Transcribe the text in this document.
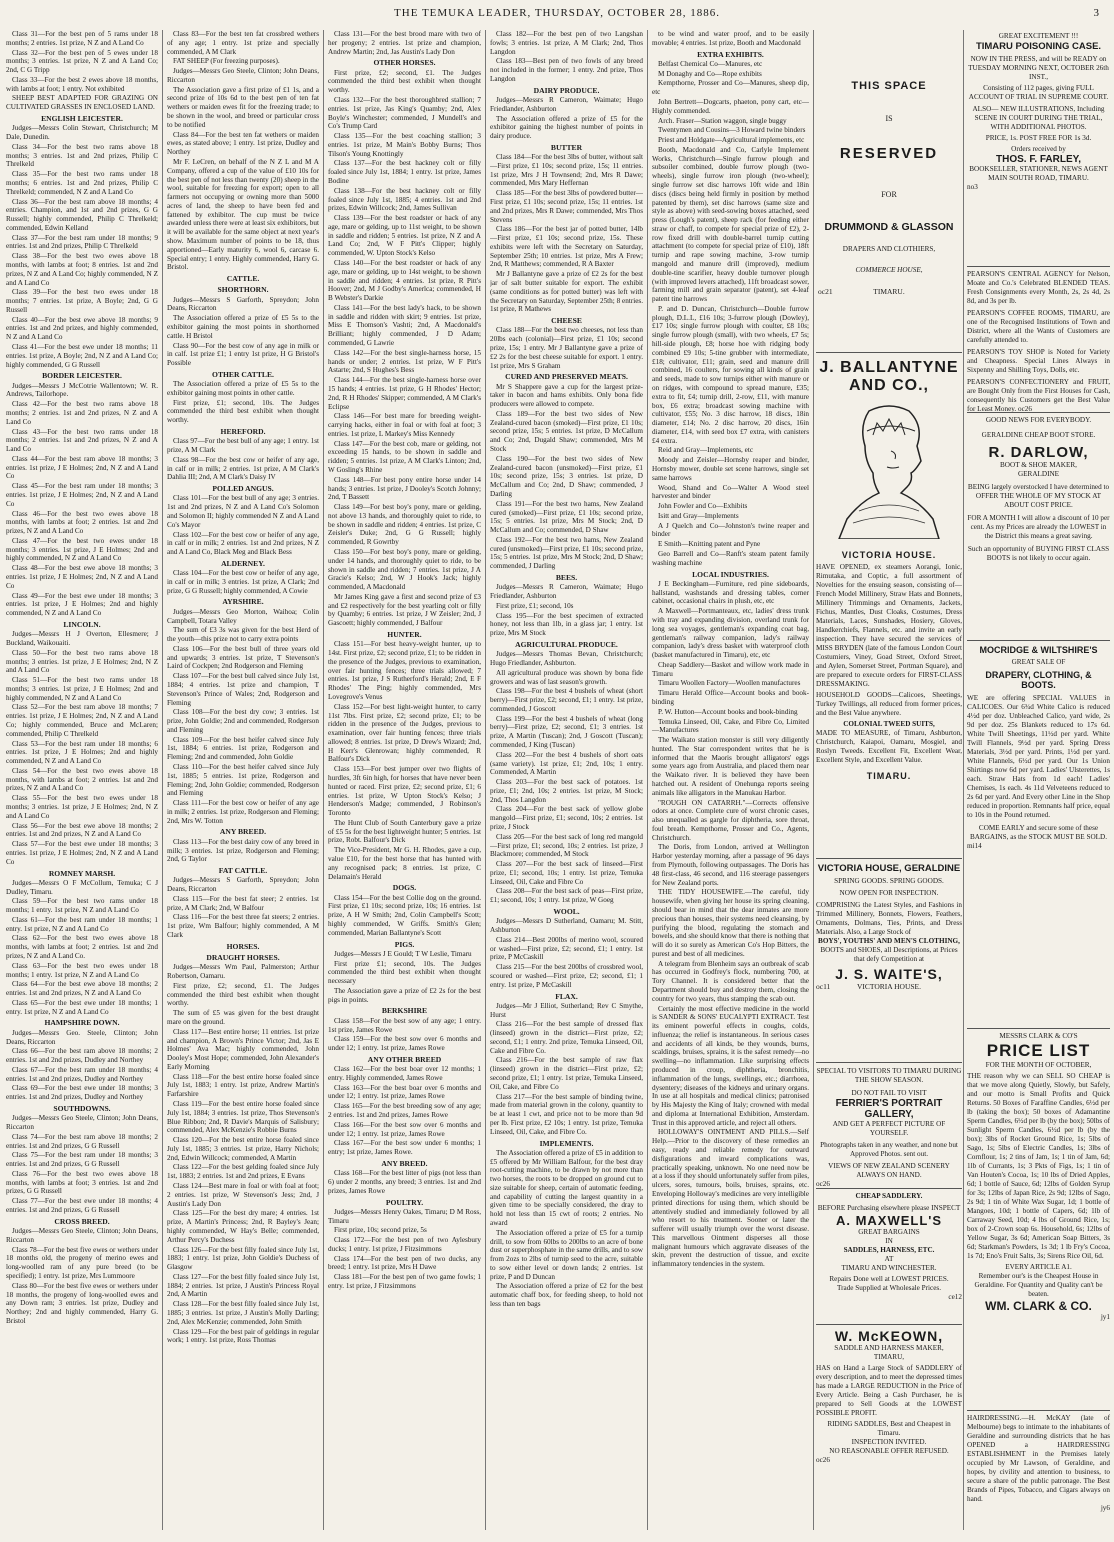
THE TEMUKA LEADER, THURSDAY, OCTOBER 28, 1886.	3

Class 31—For the best pen of 5 rams under 18 months; 2 entries. 1st prize, N Z and A Land Co

Class 32—For the best pen of 5 ewes under 18 months; 3 entries. 1st prize, N Z and A Land Co; 2nd, C G Tripp

Class 33—For the best 2 ewes above 18 months, with lambs at foot; 1 entry. Not exhibited

SHEEP BEST ADAPTED FOR GRAZING ON CULTIVATED GRASSES IN ENCLOSED LAND.

ENGLISH LEICESTER.

Judges—Messrs Colin Stewart, Christchurch; M Dale, Dunedin.

Class 34—For the best two rams above 18 months; 3 entries. 1st and 2nd prizes, Philip C Threlkeld

Class 35—For the best two rams under 18 months; 6 entries. 1st and 2nd prizes, Philip C Threlkeld; commended, N Z and A Land Co

Class 36—For the best ram above 18 months; 4 entries. Champion, and 1st and 2nd prizes, G G Russell; highly commended, Philip C Threlkeld; commended, Edwin Kelland

Class 37—For the best ram under 18 months; 9 entries. 1st and 2nd prizes, Philip C Threlkeld

Class 38—For the best two ewes above 18 months, with lambs at foot; 8 entries. 1st and 2nd prizes, N Z and A Land Co; highly commended, N Z and A Land Co

Class 39—For the best two ewes under 18 months; 7 entries. 1st prize, A Boyle; 2nd, G G Russell

Class 40—For the best ewe above 18 months; 9 entries. 1st and 2nd prizes, and highly commended, N Z and A Land Co

Class 41—For the best ewe under 18 months; 11 entries. 1st prize, A Boyle; 2nd, N Z and A Land Co; highly commended, G G Russell

BORDER LEICESTER.

Judges—Messrs J McCotrie Wallentown; W. R. Andrews, Tailorhope.

Class 42—For the best two rams above 18 months; 2 entries. 1st and 2nd prizes, N Z and A Land Co

Class 43—For the best two rams under 18 months; 2 entries. 1st and 2nd prizes, N Z and A Land Co

Class 44—For the best ram above 18 months; 3 entries. 1st prize, J E Holmes; 2nd, N Z and A Land Co

Class 45—For the best ram under 18 months; 3 entries. 1st prize, J E Holmes; 2nd, N Z and A Land Co

Class 46—For the best two ewes above 18 months, with lambs at foot; 2 entries. 1st and 2nd prizes, N Z and A Land Co

Class 47—For the best two ewes under 18 months; 3 entries. 1st prize, J E Holmes; 2nd and highly commended, N Z and A Land Co

Class 48—For the best ewe above 18 months; 3 entries. 1st prize, J E Holmes; 2nd, N Z and A Land Co

Class 49—For the best ewe under 18 months; 3 entries. 1st prize, J E Holmes; 2nd and highly commended, N Z and A Land Co

LINCOLN.

Judges—Messrs H J Overton, Ellesmere; J Buckland, Waikouaiti.

Class 50—For the best two rams above 18 months; 3 entries. 1st prize, J E Holmes; 2nd, N Z and A Land Co

Class 51—For the best two rams under 18 months; 3 entries. 1st prize, J E Holmes; 2nd and highly commended, N Z and A Land Co

Class 52—For the best ram above 18 months; 7 entries. 1st prize, J E Holmes; 2nd, N Z and A Land Co; highly commended, Bruce and McLaren; commended, Philip C Threlkeld

Class 53—For the best ram under 18 months; 6 entries. 1st prize, J E Holmes; 2nd and highly commended, N Z and A Land Co

Class 54—For the best two ewes above 18 months, with lambs at foot; 2 entries. 1st and 2nd prizes, N Z and A Land Co

Class 55—For the best two ewes under 18 months; 3 entries. 1st prize, J E Holmes; 2nd, N Z and A Land Co

Class 56—For the best ewe above 18 months; 2 entries. 1st and 2nd prizes, N Z and A Land Co

Class 57—For the best ewe under 18 months; 3 entries. 1st prize, J E Holmes; 2nd, N Z and A Land Co

ROMNEY MARSH.

Judges—Messrs O F McCollum, Temuka; C J Dudley, Timaru.

Class 59—For the best two rams under 18 months; 1 entry. 1st prize, N Z and A Land Co

Class 61—For the best ram under 18 months; 1 entry. 1st prize, N Z and A Land Co

Class 62—For the best two ewes above 18 months, with lambs at foot; 2 entries. 1st and 2nd prizes, N Z and A Land Co.

Class 63—For the best two ewes under 18 months; 1 entry. 1st prize, N Z and A Land Co

Class 64—For the best ewe above 18 months; 2 entries. 1st and 2nd prizes, N Z and A Land Co

Class 65—For the best ewe under 18 months; 1 entry. 1st prize, N Z and A Land Co

HAMPSHIRE DOWN.

Judges—Messrs Geo. Steele, Clinton; John Deans, Riccarton

Class 66—For the best ram above 18 months; 2 entries. 1st and 2nd prizes, Dudley and Northey

Class 67—For the best ram under 18 months; 4 entries. 1st and 2nd prizes, Dudley and Northey

Class 69—For the best ewe under 18 months; 3 entries. 1st and 2nd prizes, Dudley and Northey

SOUTHDOWNS.

Judges—Messrs Geo Steele, Clinton; John Deans, Riccarton

Class 74—For the best ram above 18 months; 2 entries. 1st and 2nd prizes, G G Russell

Class 75—For the best ram under 18 months; 3 entries. 1st and 2nd prizes, G G Russell

Class 76—For the best two ewes above 18 months, with lambs at foot; 3 entries. 1st and 2nd prizes, G G Russell

Class 77—For the best ewe under 18 months; 4 entries. 1st and 2nd prizes, G G Russell

CROSS BREED.

Judges—Messrs Geo Steele, Clinton; John Deans, Riccarton

Class 78—For the best five ewes or wethers under 18 months old, the progeny of merino ewes and long-woolled ram of any pure breed (to be specified); 1 entry. 1st prize, Mrs Lummoore

Class 80—For the best five ewes or wethers under 18 months, the progeny of long-woolled ewes and any Down ram; 3 entries. 1st prize, Dudley and Northey; 2nd and highly commended, Harry G. Bristol

Class 83—For the best ten fat crossbred wethers of any age; 1 entry. 1st prize and specially commended, A M Clark

FAT SHEEP (For freezing purposes).

Judges—Messrs Geo Steele, Clinton; John Deans, Riccarton

The Association gave a first prize of £1 1s, and a second prize of 10s 6d to the best pen of ten fat wethers or maiden ewes fit for the freezing trade; to be shown in the wool, and breed or particular cross to be notified

Class 84—For the best ten fat wethers or maiden ewes, as stated above; 1 entry. 1st prize, Dudley and Northey

Mr F. LeCren, on behalf of the N Z L and M A Company, offered a cup of the value of £10 10s for the best pen of not less than twenty (20) sheep in the wool, suitable for freezing for export; open to all farmers not occupying or owning more than 5000 acres of land, the sheep to have been fed and fattened by exhibitor. The cup must be twice awarded unless there were at least six exhibitors, but it will be available for the same object at next year's show. Maximum number of points to be 18, thus apportioned—Early maturity 6, wool 6, carcase 6. Special entry; 1 entry. Highly commended, Harry G. Bristol.

CATTLE.
SHORTHORN.

Judges—Messrs S Garforth, Spreydon; John Deans, Riccarton

The Association offered a prize of £5 5s to the exhibitor gaining the most points in shorthorned cattle. H Bristol

Class 90—For the best cow of any age in milk or in calf. 1st prize £1; 1 entry 1st prize, H G Bristol's Possible

OTHER CATTLE.

The Association offered a prize of £5 5s to the exhibitor gaining most points in other cattle.

First prize, £1; second, 10s. The Judges commended the third best exhibit when thought worthy.

HEREFORD.

Class 97—For the best bull of any age; 1 entry. 1st prize, A M Clark

Class 98—For the best cow or heifer of any age, in calf or in milk; 2 entries. 1st prize, A M Clark's Dahlia III; 2nd, A M Clark's Daisy IV

POLLED ANGUS.

Class 101—For the best bull of any age; 3 entries. 1st and 2nd prizes, N Z and A Land Co's Solomon and Solomon II; highly commended N Z and A Land Co's Mayor

Class 102—For the best cow or heifer of any age, in calf or in milk; 2 entries. 1st and 2nd prizes, N Z and A Land Co, Black Meg and Black Bess

ALDERNEY.

Class 104—For the best cow or heifer of any age, in calf or in milk; 3 entries. 1st prize, A Clark; 2nd prize, G G Russell; highly commended, A Cowie

AYRSHIRE.

Judges—Messrs Geo Morton, Waihoa; Colin Campbell, Totara Valley

The sum of £3 3s was given for the best Herd of the youth—this prize not to carry extra points

Class 106—For the best bull of three years old and upwards; 3 entries. 1st prize, T Stevenson's Laird of Cockpen; 2nd Rodgerson and Fleming

Class 107—For the best bull calved since July 1st, 1884; 4 entries. 1st prize and champion, T Stevenson's Prince of Wales; 2nd, Rodgerson and Fleming

Class 108—For the best dry cow; 3 entries. 1st prize, John Goldie; 2nd and commended, Rodgerson and Fleming

Class 109—For the best heifer calved since July 1st, 1884; 6 entries. 1st prize, Rodgerson and Fleming; 2nd and commended, John Goldie

Class 110—For the best heifer calved since July 1st, 1885; 5 entries. 1st prize, Rodgerson and Fleming; 2nd, John Goldie; commended, Rodgerson and Fleming

Class 111—For the best cow or heifer of any age in milk; 2 entries. 1st prize, Rodgerson and Fleming; 2nd, Mrs W. Totton

ANY BREED.

Class 113—For the best dairy cow of any breed in milk; 3 entries. 1st prize, Rodgerson and Fleming; 2nd, G Taylor

FAT CATTLE.

Judges—Messrs S Garforth, Spreydon; John Deans, Riccarton

Class 115—For the best fat steer; 2 entries. 1st prize, A M Clark; 2nd, W Balfour

Class 116—For the best three fat steers; 2 entries. 1st prize, Wm Balfour; highly commended, A M Clark

HORSES.
DRAUGHT HORSES.

Judges—Messrs Wm Paul, Palmerston; Arthur Robertson, Oamaru.

First prize, £2; second, £1. The Judges commended the third best exhibit when thought worthy.

The sum of £5 was given for the best draught mare on the ground.

Class 117—Best entire horse; 11 entries. 1st prize and champion, A Brown's Prince Victor; 2nd, Jas E Holmes' Ava Mac; highly commended, John Dooley's Most Hope; commended, John Alexander's Early Morning

Class 118—For the best entire horse foaled since July 1st, 1883; 1 entry. 1st prize, Andrew Martin's Farfarshire

Class 119—For the best entire horse foaled since July 1st, 1884; 3 entries. 1st prize, Thos Stevenson's Blue Ribbon; 2nd, R Davie's Marquis of Salisbury; commended, Alex McKenzie's Robbie Burns

Class 120—For the best entire horse foaled since July 1st, 1885; 3 entries. 1st prize, Harry Nichols; 2nd, Edwin Willcock; commended, A Martin

Class 122—For the best gelding foaled since July 1st, 1883; 2 entries. 1st and 2nd prizes, E Evans

Class 124—Best mare in foal or with foal at foot; 2 entries. 1st prize, W Stevenson's Jess; 2nd, J Austin's Lady Don

Class 125—For the best dry mare; 4 entries. 1st prize, A Martin's Princess; 2nd, R Bayley's Jean; highly commended, W Hay's Belle; commended, Arthur Percy's Duchess

Class 126—For the best filly foaled since July 1st, 1883; 1 entry. 1st prize, John Goldie's Duchess of Glasgow

Class 127—For the best filly foaled since July 1st, 1884; 2 entries. 1st prize, J Austin's Princess Royal 2nd, A Martin

Class 128—For the best filly foaled since July 1st, 1885; 3 entries. 1st prize, J Austin's Molly Darling; 2nd, Alex McKenzie; commended, John Smith

Class 129—For the best pair of geldings in regular work; 1 entry. 1st prize, Ross Thomas

Class 131—For the best brood mare with two of her progeny; 2 entries. 1st prize and champion, Andrew Martin; 2nd, Jas Austin's Lady Don

OTHER HORSES.

First prize, £2; second, £1. The Judges commended the third best exhibit when thought worthy.

Class 132—For the best thoroughbred stallion; 7 entries. 1st prize, Jas King's Quamby; 2nd, Alex Boyle's Winchester; commended, J Mundell's and Co's Trump Card

Class 135—For the best coaching stallion; 3 entries. 1st prize, M Main's Bobby Burns; Thos Tilson's Young Knottingly

Class 137—For the best hackney colt or filly foaled since July 1st, 1884; 1 entry. 1st prize, James Bodine

Class 138—For the best hackney colt or filly foaled since July 1st, 1885; 4 entries. 1st and 2nd prizes, Edwin Willcock; 2nd, James Sullivan

Class 139—For the best roadster or hack of any age, mare or gelding, up to 11st weight, to be shown in saddle and ridden; 5 entries. 1st prize, N Z and A Land Co; 2nd, W F Pitt's Clipper; highly commended, W. Upton Stock's Kelso

Class 140—For the best roadster or hack of any age, mare or gelding, up to 14st weight, to be shown in saddle and ridden; 4 entries. 1st prize, R Pitt's Hoover; 2nd, M J Godby's Amerlca; commended, H B Webster's Darkie

Class 141—For the best lady's hack, to be shown in saddle and ridden with skirt; 9 entries. 1st prize, Miss E Thomson's Vashti; 2nd, A Macdonald's Brilliant; highly commended, J D Adam; commended, G Lawrie

Class 142—For the best single-harness horse, 15 hands or under; 2 entries. 1st prize, W F Pitt's Astarte; 2nd, S Hughes's Bess

Class 144—For the best single-harness horse over 15 hands; 4 entries. 1st prize, G H Rhodes' Hector; 2nd, R H Rhodes' Skipper; commended, A M Clark's Eclipse

Class 146—For best mare for breeding weight-carrying hacks, either in foal or with foal at foot; 3 entries. 1st prize, L Markey's Miss Kennedy

Class 147—For the best cob, mare or gelding, not exceeding 15 hands, to be shown in saddle and ridden; 5 entries. 1st prize, A M Clark's Linton; 2nd, W Gosling's Rhine

Class 148—For best pony entire horse under 14 hands; 3 entries. 1st prize, J Dooley's Scotch Johnny; 2nd, T Bassett

Class 149—For best boy's pony, mare or gelding, not above 13 hands, and thoroughly quiet to ride, to be shown in saddle and ridden; 4 entries. 1st prize, C Zeisler's Duke; 2nd, G G Russell; highly commended, R Gowrtby

Class 150—For best boy's pony, mare or gelding, under 14 hands, and thoroughly quiet to ride, to be shown in saddle and ridden; 7 entries. 1st prize, J A Gracie's Kelso; 2nd, W J Hook's Jack; highly commended, A Macdonald

Mr James King gave a first and second prize of £3 and £2 respectively for the best yearling colt or filly by Quamby; 6 entries. 1st prize, J W Zeisler; 2nd, J Gascoett; highly commended, J Balfour

HUNTER.

Class 151—For best heavy-weight hunter, up to 14st. First prize, £2; second prize, £1; to be ridden in the presence of the Judges, previous to examination, over fair hunting fences; three trials allowed; 7 entries. 1st prize, J S Rutherford's Herald; 2nd, E F Rhodes' The Ping; highly commended, Mrs Lovegrove's Venus

Class 152—For best light-weight hunter, to carry 11st 7lbs. First prize, £2; second prize, £1; to be ridden in the presence of the Judges, previous to examination, over fair hunting fences; three trials allowed; 8 entries. 1st prize, D Drew's Wizard; 2nd, H Kerr's Glenrowan; highly commended, R Balfour's Dick

Class 153—For best jumper over two flights of hurdles, 3ft 6in high, for horses that have never been hunted or raced. First prize, £2; second prize, £1; 6 entries. 1st prize, W Upton Stock's Kelso; J Henderson's Madge; commended, J Robinson's Toronto

The Hunt Club of South Canterbury gave a prize of £5 5s for the best lightweight hunter; 5 entries. 1st prize, Robt. Balfour's Dick

The Vice-President, Mr G. H. Rhodes, gave a cup, value £10, for the best horse that has hunted with any recognised pack; 8 entries. 1st prize, C Delamain's Herald

DOGS.

Class 154—For the best Collie dog on the ground. First prize, £1 10s; second prize, 10s; 16 entries. 1st prize, A H W Smith; 2nd, Colin Campbell's Scott; highly commended, W Griffs. Smith's Glen; commended, Marian Ballantyne's Scott

PIGS.

Judges—Messrs J E Gould; T W Leslie, Timaru

First prize £1; second, 10s. The Judges commended the third best exhibit when thought necessary

The Association gave a prize of £2 2s for the best pigs in points.

BERKSHIRE

Class 158—For the best sow of any age; 1 entry. 1st prize, James Rowe

Class 159—For the best sow over 6 months and under 12; 1 entry. 1st prize, James Rowe

ANY OTHER BREED

Class 162—For the best boar over 12 months; 1 entry. Highly commended, James Rowe

Class 163—For the best boar over 6 months and under 12; 1 entry. 1st prize, James Rowe

Class 165—For the best breeding sow of any age; 2 entries. 1st and 2nd prizes, James Rowe

Class 166—For the best sow over 6 months and under 12; 1 entry. 1st prize, James Rowe

Class 167—For the best sow under 6 months; 1 entry; 1st prize, James Rowe.

ANY BREED.

Class 168—For the best litter of pigs (not less than 6) under 2 months, any breed; 3 entries. 1st and 2nd prizes, James Rowe

POULTRY.

Judges—Messrs Henry Oakes, Timaru; D M Ross, Timaru

First prize, 10s; second prize, 5s

Class 172—For the best pen of two Aylesbury ducks; 1 entry. 1st prize, J Fitzsimmons

Class 174—For the best pen of two ducks, any breed; 1 entry. 1st prize, Mrs H Dawe

Class 181—For the best pen of two game fowls; 1 entry. 1st prize, J Fitzsimmons

Class 182—For the best pen of two Langshan fowls; 3 entries. 1st prize, A M Clark; 2nd, Thos Langdon

Class 183—Best pen of two fowls of any breed not included in the former; 1 entry. 2nd prize, Thos Langdon

DAIRY PRODUCE.

Judges—Messrs R Cameron, Waimate; Hugo Friedlander, Ashburton

The Association offered a prize of £5 for the exhibitor gaining the highest number of points in dairy produce.

BUTTER

Class 184—For the best 3lbs of butter, without salt—First prize, £1 10s; second prize, 15s; 11 entries. 1st prize, Mrs J H Townsend; 2nd, Mrs R Dawe; commended, Mrs Mary Heffernan

Class 185—For the best 3lbs of powdered butter—First prize, £1 10s; second prize, 15s; 11 entries. 1st and 2nd prizes, Mrs R Dawe; commended, Mrs Thos Stevens

Class 186—For the best jar of potted butter, 14lb—First prize, £1 10s; second prize, 15s. These exhibits were left with the Secretary on Saturday, September 25th; 10 entries. 1st prize, Mrs A Frew; 2nd, R Matthews; commended, R A Baxter

Mr J Ballantyne gave a prize of £2 2s for the best jar of salt butter suitable for export. The exhibit (same conditions as for potted butter) was left with the Secretary on Saturday, September 25th; 8 entries. 1st prize, R Mathews

CHEESE

Class 188—For the best two cheeses, not less than 20lbs each (colonial)—First prize, £1 10s; second prize, 15s; 1 entry. Mr J Ballantyne gave a prize of £2 2s for the best cheese suitable for export. 1 entry. 1st prize, Mrs S Graham

CURED AND PRESERVED MEATS.

Mr S Shappere gave a cup for the largest prize-taker in bacon and hams exhibits. Only bona fide producers were allowed to compete.

Class 189—For the best two sides of New Zealand-cured bacon (smoked)—First prize, £1 10s; second prize, 15s; 5 entries. 1st prize, D McCallum and Co; 2nd, Dugald Shaw; commended, Mrs M Stock

Class 190—For the best two sides of New Zealand-cured bacon (unsmoked)—First prize, £1 10s; second prize, 15s; 3 entries. 1st prize, D McCallum and Co; 2nd, D Shaw; commended, J Darling

Class 191—For the best two hams, New Zealand cured (smoked)—First prize, £1 10s; second prize, 15s; 5 entries. 1st prize, Mrs M Stock; 2nd, D McCallum and Co; commended, D Shaw

Class 192—For the best two hams, New Zealand cured (unsmoked)—First prize, £1 10s; second prize, 15s; 5 entries. 1st prize, Mrs M Stock; 2nd, D Shaw; commended, J Darling

BEES.

Judges—Messrs R Cameron, Waimate; Hugo Friedlander, Ashburton

First prize, £1; second, 10s

Class 195—For the best specimen of extracted honey, not less than 1lb, in a glass jar; 1 entry. 1st prize, Mrs M Stock

AGRICULTURAL PRODUCE.

Judges—Messrs Thomas Bevan, Christchurch; Hugo Friedlander, Ashburton.

All agricultural produce was shown by bona fide growers and was of last season's growth.

Class 198—For the best 4 bushels of wheat (short berry)—First prize, £2; second, £1; 1 entry. 1st prize, commended, J Goscott

Class 199—For the best 4 bushels of wheat (long berry)—First prize, £2; second, £1; 3 entries. 1st prize, A Martin (Tuscan); 2nd, J Goscott (Tuscan); commended, J King (Tuscan)

Class 202—For the best 4 bushels of short oats (same variety). 1st prize, £1; 2nd, 10s; 1 entry. Commended, A Martin

Class 203—For the best sack of potatoes. 1st prize, £1; 2nd, 10s; 2 entries. 1st prize, M Stock; 2nd, Thos Langdon

Class 204—For the best sack of yellow globe mangold—First prize, £1; second, 10s; 2 entries. 1st prize, J Stock

Class 205—For the best sack of long red mangold—First prize, £1; second, 10s; 2 entries. 1st prize, J Blackmore; commended, M Stock

Class 207—For the best sack of linseed—First prize, £1; second, 10s; 1 entry. 1st prize, Temuka Linseed, Oil, Cake and Fibre Co

Class 208—For the best sack of peas—First prize, £1; second, 10s; 1 entry. 1st prize, W Goeg

WOOL.

Judges—Messrs D Sutherland, Oamaru; M. Stitt, Ashburton

Class 214—Best 200lbs of merino wool, scoured or washed—First prize, £2; second, £1; 1 entry. 1st prize, P McCaskill

Class 215—For the best 200lbs of crossbred wool, scoured or washed—First prize, £2; second, £1; 1 entry. 1st prize, P McCaskill

FLAX.

Judges—Mr J Elliot, Sutherland; Rev C Smythe, Hurst

Class 216—For the best sample of dressed flax (linseed) grown in the district—First prize, £2; second, £1; 1 entry. 2nd prize, Temuka Linseed, Oil, Cake and Fibre Co.

Class 216—For the best sample of raw flax (linseed) grown in the district—First prize, £2; second prize, £1; 1 entry. 1st prize, Temuka Linseed, Oil, Cake, and Fibre Co

Class 217—For the best sample of binding twine, made from material grown in the colony, quantity to be at least 1 cwt, and price not to be more than 9d per lb. First prize, £2 10s; 1 entry. 1st prize, Temuka Linseed, Oil, Cake, and Fibre Co.

IMPLEMENTS.

The Association offered a prize of £5 in addition to £5 offered by Mr William Balfour, for the best dray root-cutting machine, to be drawn by not more than two horses, the roots to be dropped on ground cut to size suitable for sheep, certain of automatic feeding, and capability of cutting the largest quantity in a given time to be specially considered, the dray to hold not less than 15 cwt of roots; 2 entries. No award

The Association offered a prize of £5 for a turnip drill, to sow from 60lbs to 200lbs to an acre of bone dust or superphosphate in the same drills, and to sow from 2ozs to 2lbs of turnip seed to the acre, suitable to sow either level or down lands; 2 entries. 1st prize, P and D Duncan

The Association offered a prize of £2 for the best automatic chaff box, for feeding sheep, to hold not less than ten bags

to be wind and water proof, and to be easily movable; 4 entries. 1st prize, Booth and Macdonald

EXTRA EXHIBITS.

Belfast Chemical Co—Manures, etc

M Donaghy and Co—Rope exhibits

Kempthorne, Prosser and Co—Manures, sheep dip, etc

John Bertrett—Dogcarts, phaeton, pony cart, etc—Highly commended.

Arch. Fraser—Station waggon, single buggy

Twentymen and Cousins—3 Howard twine binders

Priest and Holdgate—Agricultural implements, etc

Booth, Macdonald and Co, Carlyle Implement Works, Christchurch—Single furrow plough and subsoiler combined, double furrow plough (two-wheels), single furrow iron plough (two-wheel); single furrow set disc harrows 10ft wide and 18in discs (discs being held firmly in position by method patented by them), set disc harrows (same size and style as above) with seed-sowing boxes attached, seed press (Lough's patent), sheep rack (for feeding either straw or chaff, to compete for special prize of £2), 2-row fixed drill with double-barrel turnip cutting attachment (to compete for special prize of £10), 18ft turnip and rape sowing machine, 3-row turnip mangold and manure drill (improved), medium double-tine scarifier, heavy double turnover plough (with improved levers attached), 11ft broadcast sower, farming mill and grain separator (patent), set 4-leaf patent tine harrows

P. and D. Duncan, Christchurch—Double furrow plough, D.L.L, £16 10s; 3-furrow plough (Dowley), £17 10s; single furrow plough with coulter, £8 10s; single furrow plough (small), with two wheels, £7 5s; hill-side plough, £8; horse hoe with ridging body combined £9 10s; 5-tine grubber with intermediate, £18; cultivator, £11; grain, seed and manure drill combined, 16 coulters, for sowing all kinds of grain and seeds, made to sow turnips either with manure or on ridges, with compound to spread manure, £35; extra to fit, £4; turnip drill, 2-row, £11, with manure box, £6 extra; broadcast sowing machine with cultivator, £55; No. 3 disc harrow, 18 discs, 18in diameter, £14; No. 2 disc harrow, 20 discs, 16in diameter, £14, with seed box £7 extra, with canisters £4 extra.

Reid and Gray—Implements, etc

Moody and Zeisler—Hornsby reaper and binder, Hornsby mower, double set scene harrows, single set same harrows

Wood, Shand and Co—Walter A Wood steel harvester and binder

John Fowler and Co—Exhibits

Isitt and Gray—Implements

A J Quelch and Co—Johnston's twine reaper and binder

E Smith—Knitting patent and Pyne

Geo Barrell and Co—Ranft's steam patent family washing machine

LOCAL INDUSTRIES.

J E Beckingham—Furniture, red pine sideboards, hallstand, washstands and dressing tables, corner cabinet, occasional chairs in plush, etc, etc

A Maxwell—Portmanteaux, etc, ladies' dress trunk with tray and expanding division, overland trunk for long sea voyages, gentleman's expanding coat bag, gentleman's railway companion, lady's railway companion, lady's dress basket with waterproof cloth (basket manufactured in Timaru), etc, etc

Cheap Saddlery—Basket and willow work made in Timaru

Timaru Woollen Factory—Woollen manufactures

Timaru Herald Office—Account books and book-binding

P. W. Hutton—Account books and book-binding

Temuka Linseed, Oil, Cake, and Fibre Co, Limited—Manufactures

The Waikato station monster is still very diligently hunted. The Star correspondent writes that he is informed that the Maoris brought alligators' eggs some years ago from Australia, and placed them near the Waikato river. It is believed they have been hatched out. A resident of Onehunga reports seeing animals like alligators in the Manukau Harbor.

"ROUGH ON CATARRH."—Corrects offensive odors at once. Complete cure of worst chronic cases, also unequalled as gargle for diphtheria, sore throat, foul breath. Kempthorne, Prosser and Co., Agents, Christchurch.

The Doris, from London, arrived at Wellington Harbor yesterday morning, after a passage of 96 days from Plymouth, following outpassages. The Doris has 48 first-class, 46 second, and 116 steerage passengers for New Zealand ports.

THE TIDY HOUSEWIFE.—The careful, tidy housewife, when giving her house its spring cleaning, should bear in mind that the dear inmates are more precious than houses, their systems need cleansing, by purifying the blood, regulating the stomach and bowels, and she should know that there is nothing that will do it so surely as American Co's Hop Bitters, the purest and best of all medicines.

A telegram from Blenheim says an outbreak of scab has occurred in Godfrey's flock, numbering 700, at Tory Channel. It is considered better that the Department should buy and destroy them, closing the country for two years, thus stamping the scab out.

Certainly the most effective medicine in the world is SANDER & SONS' EUCALYPTI EXTRACT. Test its eminent powerful effects in coughs, colds, influenza; the relief is instantaneous. In serious cases and accidents of all kinds, be they wounds, burns, scaldings, bruises, sprains, it is the safest remedy—no swelling—no inflammation. Like surprising effects produced in croup, diphtheria, bronchitis, inflammation of the lungs, swellings, etc.; diarrhoea, dysentery; diseases of the kidneys and urinary organs. In use at all hospitals and medical clinics; patronised by His Majesty the King of Italy; crowned with medal and diploma at International Exhibition, Amsterdam. Trust in this approved article, and reject all others.

HOLLOWAY'S OINTMENT AND PILLS.—Self Help.—Prior to the discovery of these remedies an easy, ready and reliable remedy for outward disfigurations and inward complications was, practically speaking, unknown. No one need now be at a loss if they should unfortunately suffer from piles, ulcers, sores, tumours, boils, bruises, sprains, etc. Enveloping Holloway's medicines are very intelligible printed directions for using them, which should be attentively studied and immediately followed by all who resort to his treatment. Sooner or later the sufferer will usually triumph over the worst disease. This marvellous Ointment disperses all those malignant humours which aggravate diseases of the skin, prevent the destruction of tissue, and excite inflammatory tendencies in the system.

THIS SPACE
IS
RESERVED
FOR
DRUMMOND & GLASSON
DRAPERS AND CLOTHIERS,
COMMERCE HOUSE,
oc21	TIMARU.
J. BALLANTYNE
AND CO.,
VICTORIA HOUSE.
HAVE OPENED, ex steamers Aorangi, Ionic, Rimutaka, and Coptic, a full assortment of Novelties for the ensuing season, consisting of—French Model Millinery, Straw Hats and Bonnets, Millinery Trimmings and Ornaments, Jackets, Fichus, Mantles, Dust Cloaks, Costumes, Dress Materials, Laces, Sunshades, Hosiery, Gloves, Handkerchiefs, Flannels, etc. and invite an early inspection. They have secured the services of MISS BRYDEN (late of the famous London Court Costumiers, Viney, Goad Street, Oxford Street, and Aylen, Somerset Street, Portman Square), and are prepared to execute orders for FIRST-CLASS DRESSMAKING.
HOUSEHOLD GOODS—Calicoes, Sheetings, Turkey Twillings, all reduced from former prices, and the Best Value anywhere.
COLONIAL TWEED SUITS,
MADE TO MEASURE, of Timaru, Ashburton, Christchurch, Kaiapoi, Oamaru, Mosgiel, and Roslyn Tweeds. Excellent Fit, Excellent Wear, Excellent Style, and Excellent Value.
TIMARU.
VICTORIA HOUSE, GERALDINE
SPRING GOODS. SPRING GOODS.
NOW OPEN FOR INSPECTION.
COMPRISING the Latest Styles, and Fashions in Trimmed Millinery, Bonnets, Flowers, Feathers, Ornaments, Dolmans, Ties, Prints, and Dress Materials. Also, a Large Stock of
BOYS', YOUTHS' AND MEN'S CLOTHING,
BOOTS and SHOES, all Descriptions, at Prices that defy Competition at
J. S. WAITE'S,
oc11	VICTORIA HOUSE.
SPECIAL TO VISITORS TO TIMARU DURING THE SHOW SEASON.
DO NOT FAIL TO VISIT
FERRIER'S PORTRAIT GALLERY,
AND GET A PERFECT PICTURE OF YOURSELF.
Photographs taken in any weather, and none but Approved Photos. sent out.
VIEWS OF NEW ZEALAND SCENERY ALWAYS ON HAND.
oc26
CHEAP SADDLERY.
BEFORE Purchasing elsewhere please INSPECT
A. MAXWELL'S
GREAT BARGAINS
IN
SADDLES, HARNESS, ETC.
AT
TIMARU AND WINCHESTER.
Repairs Done well at LOWEST PRICES.
Trade Supplied at Wholesale Prices.
ce12
W. McKEOWN,
SADDLE AND HARNESS MAKER,
TIMARU,
HAS on Hand a Large Stock of SADDLERY of every description, and to meet the depressed times has made a LARGE REDUCTION in the Price of Every Article. Being a Cash Purchaser, he is prepared to Sell Goods at the LOWEST POSSIBLE PROFIT.
RIDING SADDLES, Best and Cheapest in Timaru.
INSPECTION INVITED.
NO REASONABLE OFFER REFUSED.
oc26
GREAT EXCITEMENT !!!
TIMARU POISONING CASE.
NOW IN THE PRESS, and will be READY on TUESDAY MORNING NEXT, OCTOBER 26th INST.,
Consisting of 112 pages, giving FULL ACCOUNT OF TRIAL IN SUPREME COURT.
ALSO— NEW ILLUSTRATIONS, Including SCENE IN COURT DURING THE TRIAL, WITH ADDITIONAL PHOTOS.
PRICE, 1s. POST FREE FOR 1s 3d.
Orders received by
THOS. F. FARLEY,
BOOKSELLER, STATIONER, NEWS AGENT MAIN SOUTH ROAD, TIMARU.
no3
PEARSON'S CENTRAL AGENCY for Nelson, Moate and Co.'s Celebrated BLENDED TEAS. Fresh Consignments every Month, 2s, 2s 4d, 2s 8d, and 3s per lb.
PEARSON'S COFFEE ROOMS, TIMARU, are one of the Recognised Institutions of Town and District, where all the Wants of Customers are carefully attended to.
PEARSON'S TOY SHOP is Noted for Variety and Cheapness. Special Lines Always in Sixpenny and Shilling Toys, Dolls, etc.
PEARSON'S CONFECTIONERY and FRUIT, are Bought Only from the First Houses for Cash, consequently his Customers get the Best Value for Least Money. oc26
GOOD NEWS FOR EVERYBODY.
GERALDINE CHEAP BOOT STORE.
R. DARLOW,
BOOT & SHOE MAKER,
GERALDINE
BEING largely overstocked I have determined to OFFER THE WHOLE OF MY STOCK AT ABOUT COST PRICE.
FOR A MONTH I will allow a discount of 10 per cent. As my Prices are already the LOWEST in the District this means a great saving.
Such an opportunity of BUYING FIRST CLASS BOOTS is not likely to occur again.
MOCRIDGE & WILTSHIRE'S
GREAT SALE OF
DRAPERY, CLOTHING, & BOOTS.
WE are offering SPECIAL VALUES in CALICOES. Our 6¾d White Calico is reduced 4½d per doz. Unbleached Calico, yard wide, 2s 9d per doz. 25s Blankets reduced to 17s 6d. White Twill Sheetings, 11½d per yard. White Twill Flannels, 9½d per yard. Spring Dress Materials, 3½d per yard. Prints, 1½d per yard. White Flannels, 6½d per yard. Our 1s Union Shirtings now 6d per yard. Ladies' Ulsterettes, 1s each. Straw Hats from 1d each! Ladies' Chemises, 1s each. 4s 11d Velveteens reduced to 2s 6d per yard. And Every other Line in the Shop reduced in proportion. Remnants half price, equal to 10s in the Pound returned.
COME EARLY and secure some of these BARGAINS, as the STOCK MUST BE SOLD.
mi14
MESSRS CLARK & CO'S
PRICE LIST
FOR THE MONTH OF OCTOBER,
THE reason why we can SELL SO CHEAP is that we move along Quietly, Slowly, but Safely, and our motto is Small Profits and Quick Returns. 50 Boxes of Faraffine Candles, 6½d per lb (taking the box); 50 boxes of Adamantine Sperm Candles, 6½d per lb (by the box); 50lbs of Sunlight Sperm Candles, 6½d per lb (by the box); 3lbs of Rocket Ground Rice, 1s; 5lbs of Sago, 1s; 5lbs of Electric Candles, 1s; 3lbs of Cornflour, 1s; 2 tins of Jam, 1s; 1 tin of Jam, 6d; 1lb of Currants, 1s; 3 Pkts of Figs, 1s; 1 tin of Van Houten's Cocoa, 1s; 10 lbs of Dried Apples, 6d; 1 bottle of Sauce, 6d; 12lbs of Golden Syrup for 3s; 12lbs of Japan Rice, 2s 9d; 12lbs of Sago, 2s 9d; 1 tin of White Wax Sugar, 1d; 1 bottle of Mangoes, 10d; 1 bottle of Capers, 6d; 1lb of Carraway Seed, 10d; 4 lbs of Ground Rice, 1s; box of 2-Crown soap 6s. Household, 6s; 12lbs of Yellow Sugar, 3s 6d; American Soap Bitters, 3s 6d; Starkman's Powders, 1s 3d; 1 lb Fry's Cocoa, 1s 7d; Eno's Fruit Salts, 3s; Sirens Rice Oil, 6d.
EVERY ARTICLE A1.
Remember our's is the Cheapest House in Geraldine. For Quantity and Quality can't be beaten.
WM. CLARK & CO.
jy1
HAIRDRESSING.—H. McKAY (late of Melbourne) begs to intimate to the inhabitants of Geraldine and surrounding districts that he has OPENED a HAIRDRESSING ESTABLISHMENT in the Premises lately occupied by Mr Lawson, of Geraldine, and hopes, by civility and attention to business, to secure a share of the public patronage. The Best Brands of Pipes, Tobacco, and Cigars always on hand.
jy6
